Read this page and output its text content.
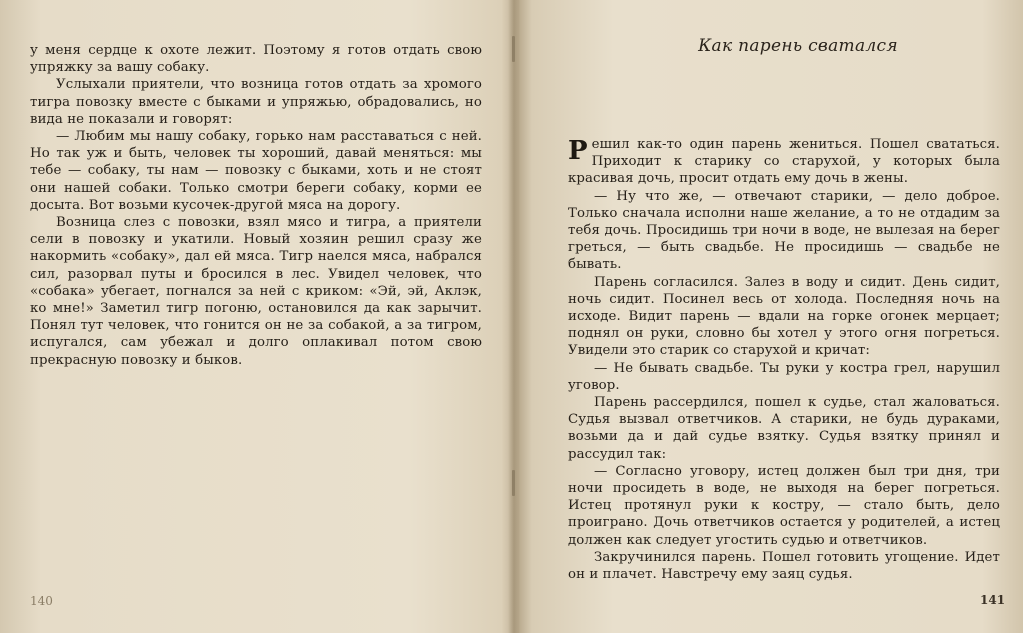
у меня сердце к охоте лежит. Поэтому я готов отдать свою упряжку за вашу собаку.

Услыхали приятели, что возница готов отдать за хромого тигра повозку вместе с быками и упряжью, обрадовались, но вида не показали и говорят:

— Любим мы нашу собаку, горько нам расставаться с ней. Но так уж и быть, человек ты хороший, давай меняться: мы тебе — собаку, ты нам — повозку с быками, хоть и не стоят они нашей собаки. Только смотри береги собаку, корми ее досыта. Вот возьми кусочек-другой мяса на дорогу.

Возница слез с повозки, взял мясо и тигра, а приятели сели в повозку и укатили. Новый хозяин решил сразу же накормить «собаку», дал ей мяса. Тигр наелся мяса, набрался сил, разорвал путы и бросился в лес. Увидел человек, что «собака» убегает, погнался за ней с криком: «Эй, эй, Аклэк, ко мне!» Заметил тигр погоню, остановился да как зарычит. Понял тут человек, что гонится он не за собакой, а за тигром, испугался, сам убежал и долго оплакивал потом свою прекрасную повозку и быков.

140
Как парень сватался

Решил как-то один парень жениться. Пошел свататься. Приходит к старику со старухой, у которых была красивая дочь, просит отдать ему дочь в жены.

— Ну что же, — отвечают старики, — дело доброе. Только сначала исполни наше желание, а то не отдадим за тебя дочь. Просидишь три ночи в воде, не вылезая на берег греться, — быть свадьбе. Не просидишь — свадьбе не бывать.

Парень согласился. Залез в воду и сидит. День сидит, ночь сидит. Посинел весь от холода. Последняя ночь на исходе. Видит парень — вдали на горке огонек мерцает; поднял он руки, словно бы хотел у этого огня погреться. Увидели это старик со старухой и кричат:

— Не бывать свадьбе. Ты руки у костра грел, нарушил уговор.

Парень рассердился, пошел к судье, стал жаловаться. Судья вызвал ответчиков. А старики, не будь дураками, возьми да и дай судье взятку. Судья взятку принял и рассудил так:

— Согласно уговору, истец должен был три дня, три ночи просидеть в воде, не выходя на берег погреться. Истец протянул руки к костру, — стало быть, дело проиграно. Дочь ответчиков остается у родителей, а истец должен как следует угостить судью и ответчиков.

Закручинился парень. Пошел готовить угощение. Идет он и плачет. Навстречу ему заяц судья.

141
